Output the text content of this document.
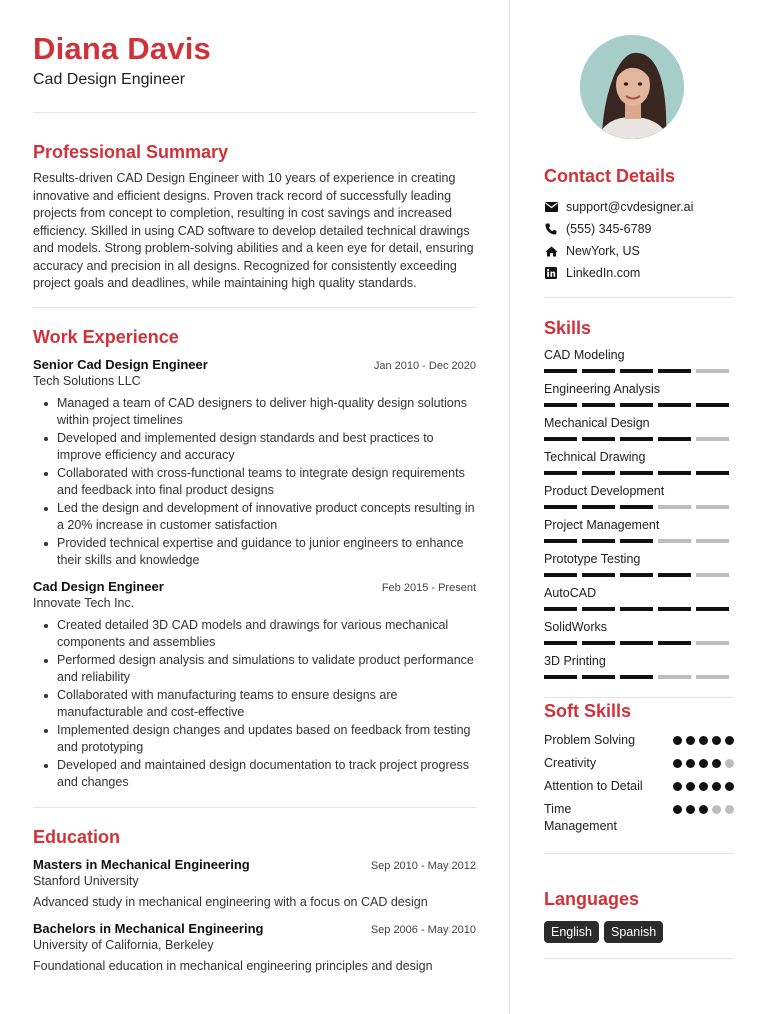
Diana Davis
Cad Design Engineer
Professional Summary
Results-driven CAD Design Engineer with 10 years of experience in creating innovative and efficient designs. Proven track record of successfully leading projects from concept to completion, resulting in cost savings and increased efficiency. Skilled in using CAD software to develop detailed technical drawings and models. Strong problem-solving abilities and a keen eye for detail, ensuring accuracy and precision in all designs. Recognized for consistently exceeding project goals and deadlines, while maintaining high quality standards.
Work Experience
Senior Cad Design Engineer	Jan 2010 - Dec 2020
Tech Solutions LLC
Managed a team of CAD designers to deliver high-quality design solutions within project timelines
Developed and implemented design standards and best practices to improve efficiency and accuracy
Collaborated with cross-functional teams to integrate design requirements and feedback into final product designs
Led the design and development of innovative product concepts resulting in a 20% increase in customer satisfaction
Provided technical expertise and guidance to junior engineers to enhance their skills and knowledge
Cad Design Engineer	Feb 2015 - Present
Innovate Tech Inc.
Created detailed 3D CAD models and drawings for various mechanical components and assemblies
Performed design analysis and simulations to validate product performance and reliability
Collaborated with manufacturing teams to ensure designs are manufacturable and cost-effective
Implemented design changes and updates based on feedback from testing and prototyping
Developed and maintained design documentation to track project progress and changes
Education
Masters in Mechanical Engineering	Sep 2010 - May 2012
Stanford University
Advanced study in mechanical engineering with a focus on CAD design
Bachelors in Mechanical Engineering	Sep 2006 - May 2010
University of California, Berkeley
Foundational education in mechanical engineering principles and design
Contact Details
support@cvdesigner.ai
(555) 345-6789
NewYork, US
LinkedIn.com
Skills
CAD Modeling
Engineering Analysis
Mechanical Design
Technical Drawing
Product Development
Project Management
Prototype Testing
AutoCAD
SolidWorks
3D Printing
Soft Skills
Problem Solving
Creativity
Attention to Detail
Time Management
Languages
English	Spanish
